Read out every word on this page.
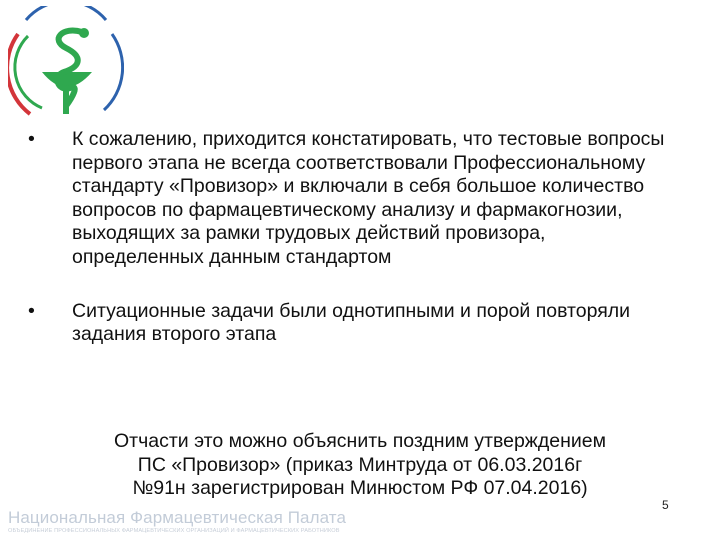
•	К сожалению, приходится констатировать, что тестовые вопросы первого этапа не всегда соответствовали Профессиональному стандарту «Провизор» и включали в себя большое количество вопросов по фармацевтическому анализу и фармакогнозии, выходящих за рамки трудовых действий провизора, определенных данным стандартом
•	Ситуационные задачи были однотипными и порой повторяли задания второго этапа
Отчасти это можно объяснить поздним утверждением
ПС «Провизор» (приказ Минтруда от 06.03.2016г
№91н зарегистрирован Минюстом РФ 07.04.2016)
5
Национальная Фармацевтическая Палата
ОБЪЕДИНЕНИЕ ПРОФЕССИОНАЛЬНЫХ ФАРМАЦЕВТИЧЕСКИХ ОРГАНИЗАЦИЙ И ФАРМАЦЕВТИЧЕСКИХ РАБОТНИКОВ
